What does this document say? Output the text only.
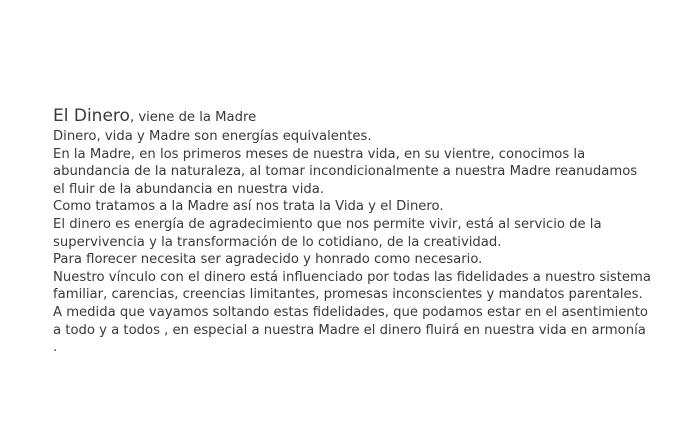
El Dinero, viene de la Madre

Dinero, vida y Madre son energías equivalentes.

En la Madre, en los primeros meses de nuestra vida, en su vientre, conocimos la abundancia de la naturaleza, al tomar incondicionalmente a nuestra Madre reanudamos el fluir de la abundancia en nuestra vida.

Como tratamos a la Madre así nos trata la Vida y el Dinero.

El dinero es energía de agradecimiento que nos permite vivir, está al servicio de la supervivencia y la transformación de lo cotidiano, de la creatividad.

Para florecer necesita ser agradecido y honrado como necesario.

Nuestro vínculo con el dinero está influenciado por todas las fidelidades a nuestro sistema familiar, carencias, creencias limitantes, promesas inconscientes y mandatos parentales.

A medida que vayamos soltando estas fidelidades, que podamos estar en el asentimiento a todo y a todos , en especial a nuestra Madre el dinero fluirá en nuestra vida en armonía .
